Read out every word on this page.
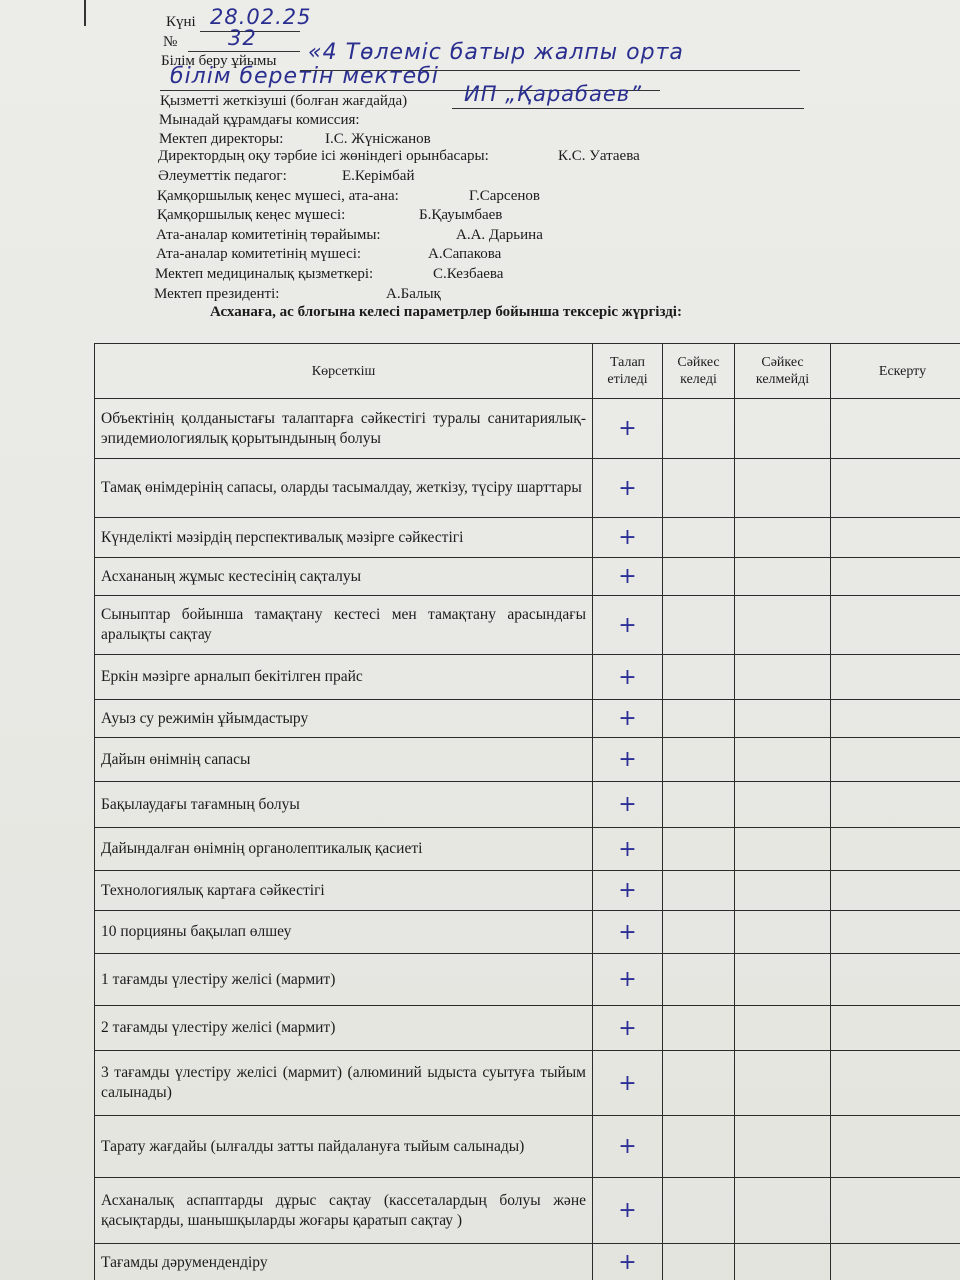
Күні 28.02.25
№ 32
Білім беру ұйымы «4 Төлеміс батыр жалпы орта
білім беретін мектебі
Қызметті жеткізуші (болған жағдайда)	ИП „Қарабаев”
Мынадай құрамдағы комиссия:
Мектеп директоры:	І.С. Жүнісжанов
Директордың оқу тәрбие ісі жөніндегі орынбасары:	К.С. Уатаева
Әлеуметтік педагог:	Е.Керімбай
Қамқоршылық кеңес мүшесі, ата-ана:	Г.Сарсенов
Қамқоршылық кеңес мүшесі:	Б.Қауымбаев
Ата-аналар комитетінің төрайымы:	А.А. Дарьина
Ата-аналар комитетінің мүшесі:	А.Сапакова
Мектеп медициналық қызметкері:	С.Кезбаева
Мектеп президенті:	А.Балық
Асханаға, ас блогына келесі параметрлер бойынша тексеріс жүргізді:
Көрсеткіш	Талап етіледі	Сәйкес келеді	Сәйкес келмейді	Ескерту
Объектінің қолданыстағы талаптарға сәйкестігі туралы санитариялық-эпидемиологиялық қорытындының болуы	+			
Тамақ өнімдерінің сапасы, оларды тасымалдау, жеткізу, түсіру шарттары	+			
Күнделікті мәзірдің перспективалық мәзірге сәйкестігі	+			
Асхананың жұмыс кестесінің сақталуы	+			
Сыныптар бойынша тамақтану кестесі мен тамақтану арасындағы аралықты сақтау	+			
Еркін мәзірге арналып бекітілген прайс	+			
Ауыз су режимін ұйымдастыру	+			
Дайын өнімнің сапасы	+			
Бақылаудағы тағамның болуы	+			
Дайындалған өнімнің органолептикалық қасиеті	+			
Технологиялық картаға сәйкестігі	+			
10 порцияны бақылап өлшеу	+			
1 тағамды үлестіру желісі (мармит)	+			
2 тағамды үлестіру желісі (мармит)	+			
3 тағамды үлестіру желісі (мармит) (алюминий ыдыста суытуға тыйым салынады)	+			
Тарату жағдайы (ылғалды затты пайдалануға тыйым салынады)	+			
Асханалық аспаптарды дұрыс сақтау (кассеталардың болуы және қасықтарды, шанышқыларды жоғары қаратып сақтау )	+			
Тағамды дәрумендендіру	+			
